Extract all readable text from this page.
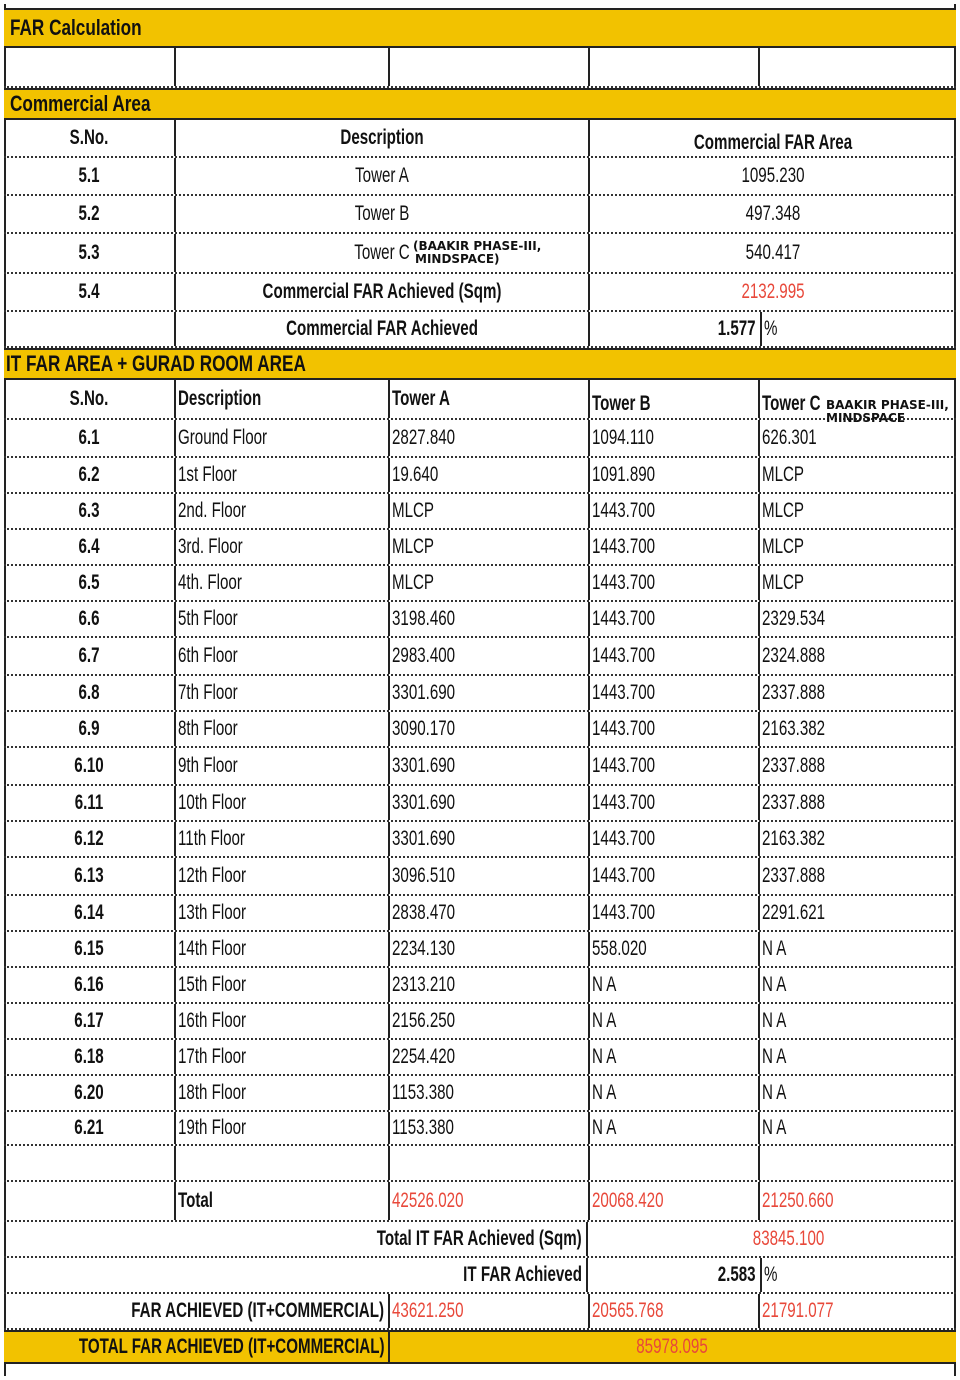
FAR Calculation
Commercial Area
S.No.	Description	Commercial FAR Area
5.1	Tower A	1095.230
5.2	Tower B	497.348
5.3	Tower C	540.417
(BAAKIR PHASE-III,
MINDSPACE)
5.4	Commercial FAR Achieved (Sqm)	2132.995
Commercial FAR Achieved	1.577 %
IT FAR AREA + GURAD ROOM AREA
S.No.	Description	Tower A	Tower B	Tower C BAAKIR PHASE-III,
MINDSPACE
6.1	Ground Floor	2827.840	1094.110	626.301
6.2	1st Floor	19.640	1091.890	MLCP
6.3	2nd. Floor	MLCP	1443.700	MLCP
6.4	3rd. Floor	MLCP	1443.700	MLCP
6.5	4th. Floor	MLCP	1443.700	MLCP
6.6	5th Floor	3198.460	1443.700	2329.534
6.7	6th Floor	2983.400	1443.700	2324.888
6.8	7th Floor	3301.690	1443.700	2337.888
6.9	8th Floor	3090.170	1443.700	2163.382
6.10	9th Floor	3301.690	1443.700	2337.888
6.11	10th Floor	3301.690	1443.700	2337.888
6.12	11th Floor	3301.690	1443.700	2163.382
6.13	12th Floor	3096.510	1443.700	2337.888
6.14	13th Floor	2838.470	1443.700	2291.621
6.15	14th Floor	2234.130	558.020	N A
6.16	15th Floor	2313.210	N A	N A
6.17	16th Floor	2156.250	N A	N A
6.18	17th Floor	2254.420	N A	N A
6.20	18th Floor	1153.380	N A	N A
6.21	19th Floor	1153.380	N A	N A
Total	42526.020	20068.420	21250.660
Total IT FAR Achieved (Sqm)	83845.100
IT FAR Achieved	2.583 %
FAR ACHIEVED (IT+COMMERCIAL) 43621.250	20565.768	21791.077
TOTAL FAR ACHIEVED (IT+COMMERCIAL)	85978.095
